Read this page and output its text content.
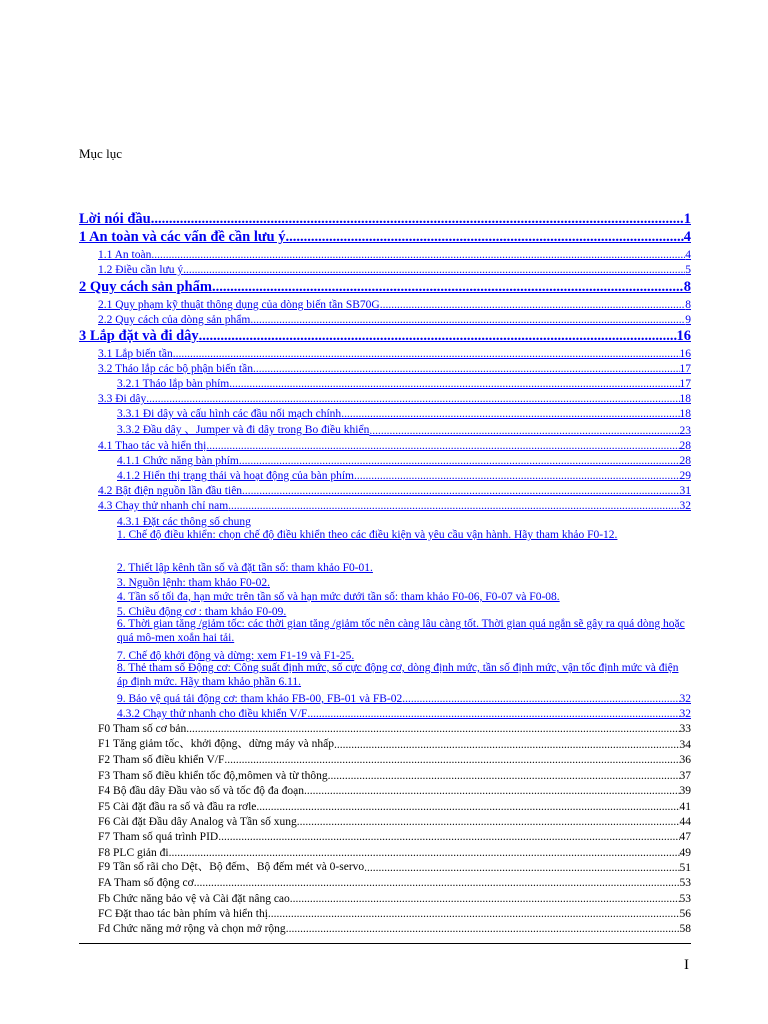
Mục lục
Lời nói đầu .....	1
1 An toàn và các vấn đề cần lưu ý .....	4
1.1 An toàn .....	4
1.2 Điều cần lưu ý .....	5
2 Quy cách sản phẩm .....	8
2.1 Quy phạm kỹ thuật thông dụng của dòng biến tần SB70G .....	8
2.2 Quy cách của dòng sản phẩm .....	9
3 Lắp đặt và đi dây .....	16
3.1 Lắp biến tần .....	16
3.2 Tháo lắp các bộ phận biến tần .....	17
3.2.1 Tháo lắp bàn phím .....	17
3.3 Đi dây .....	18
3.3.1 Đi dây và cấu hình các đầu nối mạch chính .....	18
3.3.2 Đầu dây 、Jumper và đi dây trong Bo điều khiển .....	23
4.1 Thao tác và hiển thị .....	28
4.1.1 Chức năng bàn phím .....	28
4.1.2 Hiển thị trạng thái và hoạt động của bàn phím .....	29
4.2 Bật điện nguồn lần đầu tiên .....	31
4.3 Chạy thử nhanh chỉ nam .....	32
4.3.1 Đặt các thông số chung
1. Chế độ điều khiển: chọn chế độ điều khiển theo các điều kiện và yêu cầu vận hành. Hãy tham khảo F0-12.
2. Thiết lập kênh tần số và đặt tần số: tham khảo F0-01.
3. Nguồn lệnh: tham khảo F0-02.
4. Tần số tối đa, hạn mức trên tần số và hạn mức dưới tần số: tham khảo F0-06, F0-07 và F0-08.
5. Chiều động cơ : tham khảo F0-09.
6. Thời gian tăng /giảm tốc: các thời gian tăng /giảm tốc nên càng lâu càng tốt. Thời gian quá ngắn sẽ gây ra quá dòng hoặc quá mô-men xoắn hai tải.
7. Chế độ khởi động và dừng: xem F1-19 và F1-25.
8. Thẻ tham số Động cơ: Công suất định mức, số cực động cơ, dòng định mức, tần số định mức, vận tốc định mức và điện áp định mức. Hãy tham khảo phần 6.11.
9. Bảo vệ quá tải động cơ: tham khảo FB-00, FB-01 và FB-02 .....	32
4.3.2 Chạy thử nhanh cho điều khiển V/F .....	32
F0 Tham số cơ bản .....	33
F1 Tăng giảm tốc、khởi động、dừng máy và nhấp .....	34
F2 Tham số điều khiển V/F .....	36
F3 Tham số điều khiển tốc độ,mômen và từ thông .....	37
F4 Bộ đầu dây Đầu vào số và tốc độ đa đoạn .....	39
F5 Cài đặt đầu ra số và đầu ra rơle .....	41
F6 Cài đặt Đầu dây Analog và Tần số xung .....	44
F7 Tham số quá trình PID .....	47
F8 PLC giản đi .....	49
F9 Tần số rãi cho Dệt、Bộ đếm、Bộ đếm mét và 0-servo .....	51
FA Tham số động cơ .....	53
Fb Chức năng bảo vệ và Cài đặt nâng cao .....	53
FC Đặt thao tác bàn phím và hiển thị .....	56
Fd Chức năng mở rộng và chọn mở rộng .....	58
I
